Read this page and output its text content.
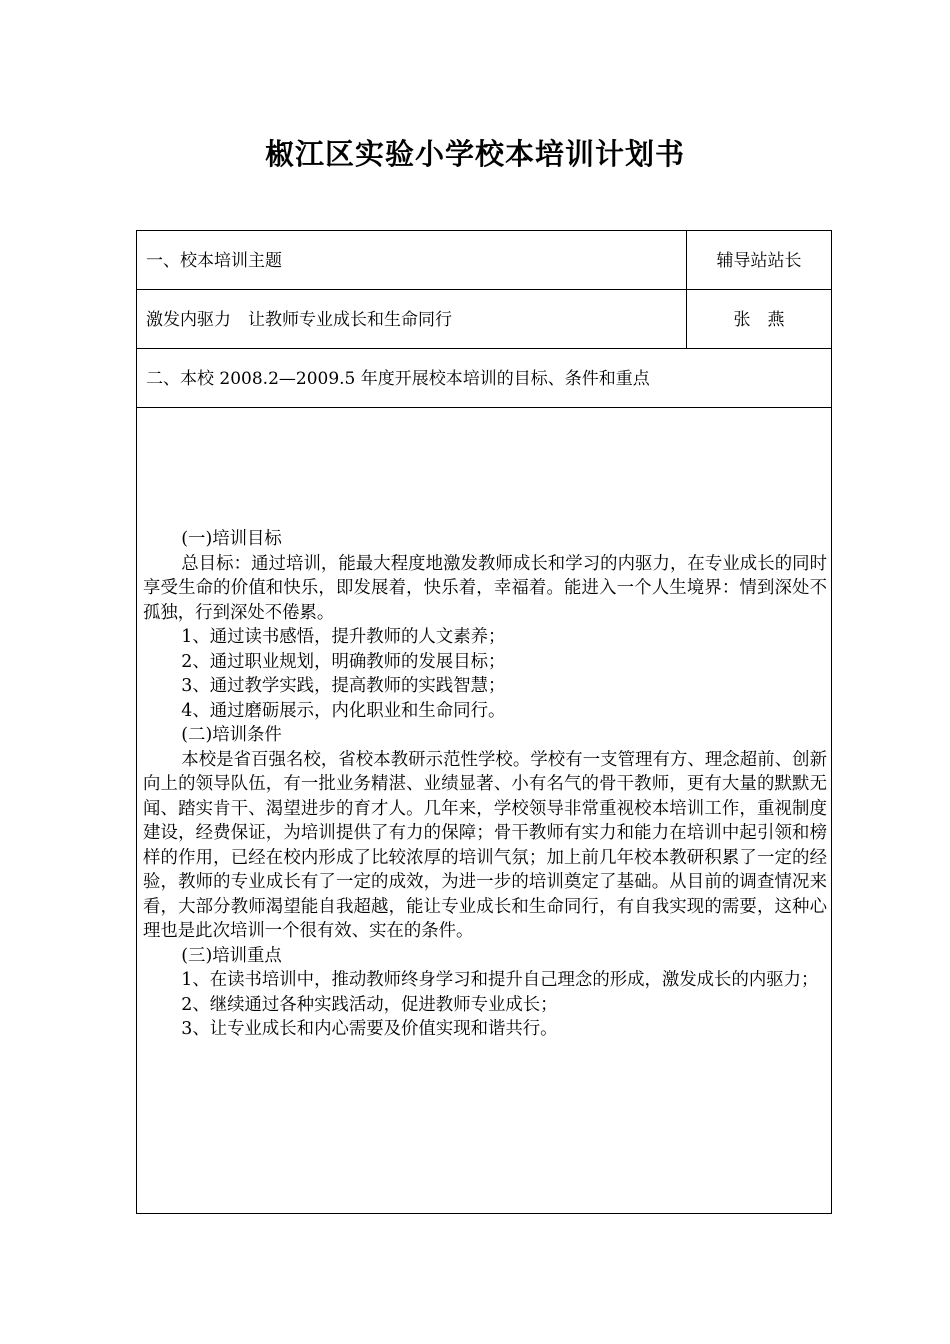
椒江区实验小学校本培训计划书
一、校本培训主题	辅导站站长
激发内驱力　让教师专业成长和生命同行	张　燕
二、本校 2008.2—2009.5 年度开展校本培训的目标、条件和重点

(一)培训目标

总目标：通过培训，能最大程度地激发教师成长和学习的内驱力，在专业成长的同时享受生命的价值和快乐，即发展着，快乐着，幸福着。能进入一个人生境界：情到深处不孤独，行到深处不倦累。

1、通过读书感悟，提升教师的人文素养；

2、通过职业规划，明确教师的发展目标；

3、通过教学实践，提高教师的实践智慧；

4、通过磨砺展示，内化职业和生命同行。

(二)培训条件

本校是省百强名校，省校本教研示范性学校。学校有一支管理有方、理念超前、创新向上的领导队伍，有一批业务精湛、业绩显著、小有名气的骨干教师，更有大量的默默无闻、踏实肯干、渴望进步的育才人。几年来，学校领导非常重视校本培训工作，重视制度建设，经费保证，为培训提供了有力的保障；骨干教师有实力和能力在培训中起引领和榜样的作用，已经在校内形成了比较浓厚的培训气氛；加上前几年校本教研积累了一定的经验，教师的专业成长有了一定的成效，为进一步的培训奠定了基础。从目前的调查情况来看，大部分教师渴望能自我超越，能让专业成长和生命同行，有自我实现的需要，这种心理也是此次培训一个很有效、实在的条件。

(三)培训重点

1、在读书培训中，推动教师终身学习和提升自己理念的形成，激发成长的内驱力；

2、继续通过各种实践活动，促进教师专业成长；

3、让专业成长和内心需要及价值实现和谐共行。
